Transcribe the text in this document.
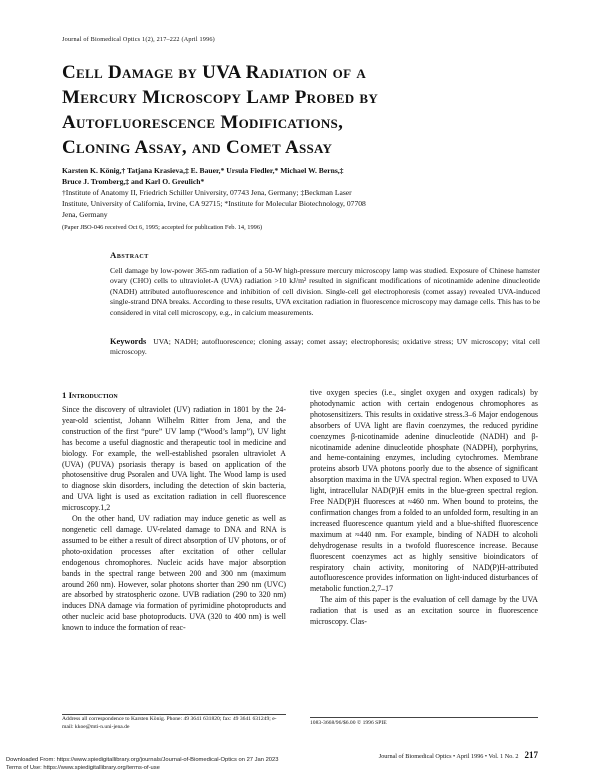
Journal of Biomedical Optics 1(2), 217–222 (April 1996)
Cell Damage by UVA Radiation of a
Mercury Microscopy Lamp Probed by
Autofluorescence Modifications,
Cloning Assay, and Comet Assay
Karsten K. König,† Tatjana Krasieva,‡ E. Bauer,* Ursula Fiedler,* Michael W. Berns,‡
Bruce J. Tromberg,‡ and Karl O. Greulich*
†Institute of Anatomy II, Friedrich Schiller University, 07743 Jena, Germany; ‡Beckman Laser
Institute, University of California, Irvine, CA 92715; *Institute for Molecular Biotechnology, 07708
Jena, Germany
(Paper JBO-046 received Oct 6, 1995; accepted for publication Feb. 14, 1996)
Abstract
Cell damage by low-power 365-nm radiation of a 50-W high-pressure mercury microscopy lamp was studied. Exposure of Chinese hamster ovary (CHO) cells to ultraviolet-A (UVA) radiation >10 kJ/m² resulted in significant modifications of nicotinamide adenine dinucleotide (NADH) attributed autofluorescence and inhibition of cell division. Single-cell gel electrophoresis (comet assay) revealed UVA-induced single-strand DNA breaks. According to these results, UVA excitation radiation in fluorescence microscopy may damage cells. This has to be considered in vital cell microscopy, e.g., in calcium measurements.
Keywords UVA; NADH; autofluorescence; cloning assay; comet assay; electrophoresis; oxidative stress; UV microscopy; vital cell microscopy.
1 Introduction

Since the discovery of ultraviolet (UV) radiation in 1801 by the 24-year-old scientist, Johann Wilhelm Ritter from Jena, and the construction of the first “pure” UV lamp (“Wood’s lamp”), UV light has become a useful diagnostic and therapeutic tool in medicine and biology. For example, the well-established psoralen ultraviolet A (UVA) (PUVA) psoriasis therapy is based on application of the photosensitive drug Psoralen and UVA light. The Wood lamp is used to diagnose skin disorders, including the detection of skin bacteria, and UVA light is used as excitation radiation in cell fluorescence microscopy.1,2

On the other hand, UV radiation may induce genetic as well as nongenetic cell damage. UV-related damage to DNA and RNA is assumed to be either a result of direct absorption of UV photons, or of photo-oxidation processes after excitation of other cellular endogenous chromophores. Nucleic acids have major absorption bands in the spectral range between 200 and 300 nm (maximum around 260 nm). However, solar photons shorter than 290 nm (UVC) are absorbed by stratospheric ozone. UVB radiation (290 to 320 nm) induces DNA damage via formation of pyrimidine photoproducts and other nucleic acid base photoproducts. UVA (320 to 400 nm) is well known to induce the formation of reac-

tive oxygen species (i.e., singlet oxygen and oxygen radicals) by photodynamic action with certain endogenous chromophores as photosensitizers. This results in oxidative stress.3–6 Major endogenous absorbers of UVA light are flavin coenzymes, the reduced pyridine coenzymes β-nicotinamide adenine dinucleotide (NADH) and β-nicotinamide adenine dinucleotide phosphate (NADPH), porphyrins, and heme-containing enzymes, including cytochromes. Membrane proteins absorb UVA photons poorly due to the absence of significant absorption maxima in the UVA spectral region. When exposed to UVA light, intracellular NAD(P)H emits in the blue-green spectral region. Free NAD(P)H fluoresces at ≈460 nm. When bound to proteins, the confirmation changes from a folded to an unfolded form, resulting in an increased fluorescence quantum yield and a blue-shifted fluorescence maximum at ≈440 nm. For example, binding of NADH to alcoholi dehydrogenase results in a twofold fluorescence increase. Because fluorescent coenzymes act as highly sensitive bioindicators of respiratory chain activity, monitoring of NAD(P)H-attributed autofluorescence provides information on light-induced disturbances of metabolic function.2,7–17

The aim of this paper is the evaluation of cell damage by the UVA radiation that is used as an excitation source in fluorescence microscopy. Clas-

Address all correspondence to Karsten König. Phone: 49 3641 631820; fax: 49 3641 631249; e-mail: kkoe@mti-n.uni-jena.de
1083-3668/96/$6.00 © 1996 SPIE
Journal of Biomedical Optics • April 1996 • Vol. 1 No. 2 217
Downloaded From: https://www.spiedigitallibrary.org/journals/Journal-of-Biomedical-Optics on 27 Jan 2023
Terms of Use: https://www.spiedigitallibrary.org/terms-of-use
